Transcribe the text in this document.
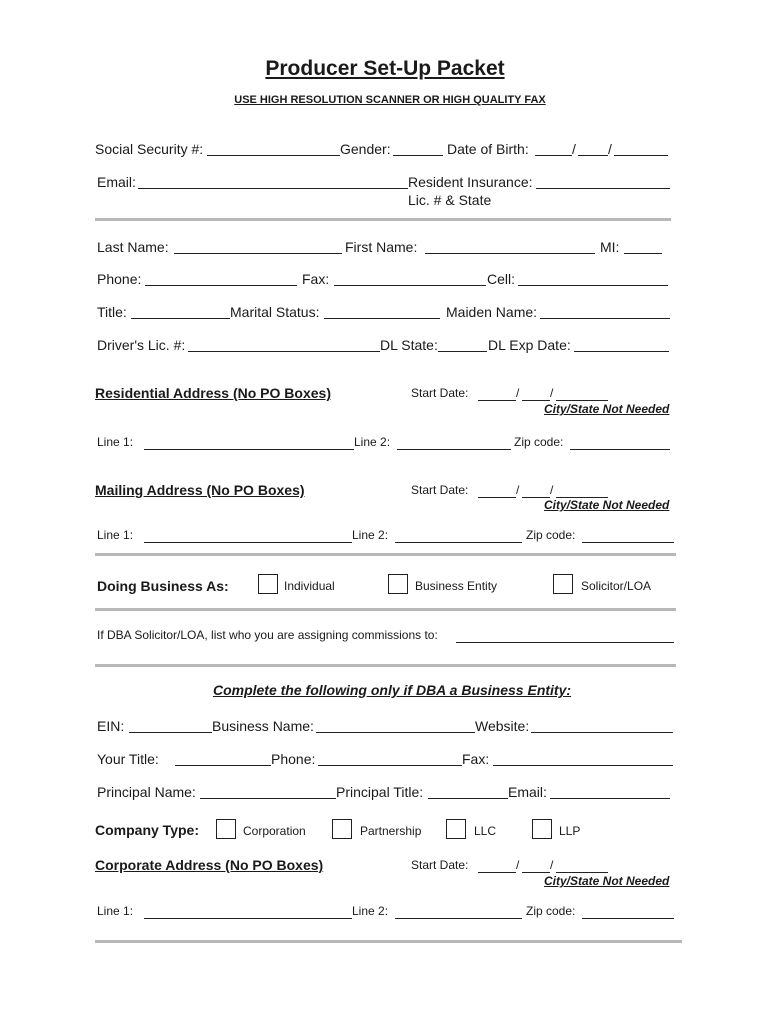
Producer Set-Up Packet
USE HIGH RESOLUTION SCANNER OR HIGH QUALITY FAX
Social Security #:	Gender:	Date of Birth:	/ /
Email:	Resident Insurance:
Lic. # & State
Last Name:	First Name:	MI:
Phone:	Fax:	Cell:
Title:	Marital Status:	Maiden Name:
Driver's Lic. #:	DL State:	DL Exp Date:
Residential Address (No PO Boxes)	Start Date:	/	/
City/State Not Needed
Line 1:	Line 2:	Zip code:
Mailing Address (No PO Boxes)	Start Date:	/	/
City/State Not Needed
Line 1:	Line 2:	Zip code:
Doing Business As:	Individual	Business Entity	Solicitor/LOA
If DBA Solicitor/LOA, list who you are assigning commissions to:
Complete the following only if DBA a Business Entity:
EIN:	Business Name:	Website:
Your Title:	Phone:	Fax:
Principal Name:	Principal Title:	Email:
Company Type:	Corporation	Partnership	LLC	LLP
Corporate Address (No PO Boxes)	Start Date:	/	/
City/State Not Needed
Line 1:	Line 2:	Zip code:
